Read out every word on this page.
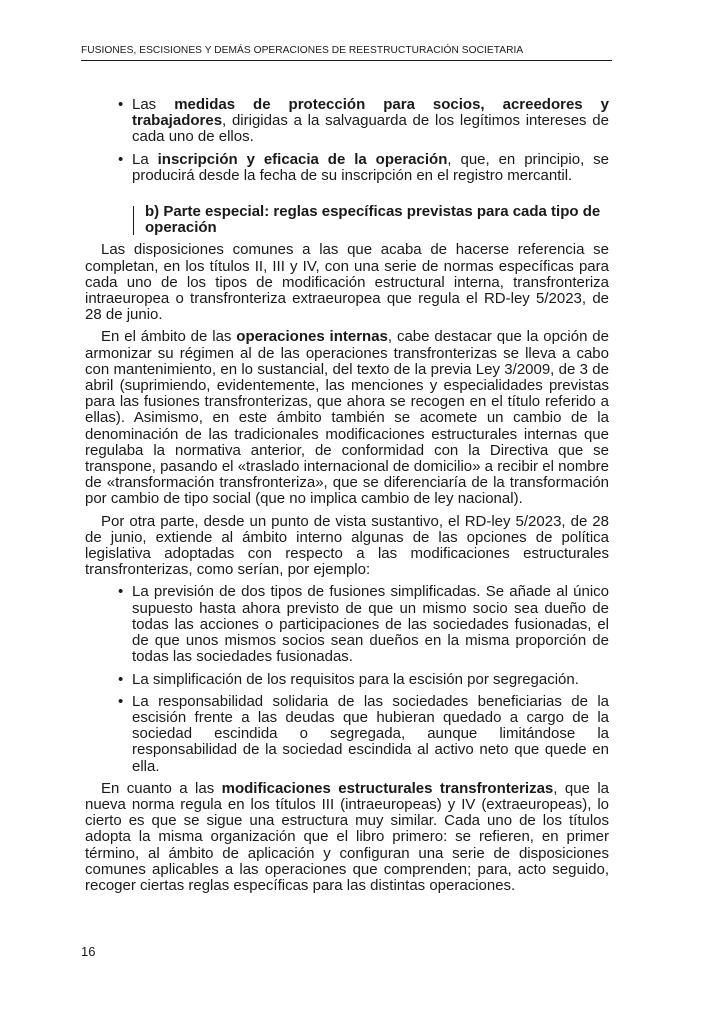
FUSIONES, ESCISIONES Y DEMÁS OPERACIONES DE REESTRUCTURACIÓN SOCIETARIA
• Las medidas de protección para socios, acreedores y trabajadores, dirigidas a la salvaguarda de los legítimos intereses de cada uno de ellos.
• La inscripción y eficacia de la operación, que, en principio, se producirá desde la fecha de su inscripción en el registro mercantil.
b) Parte especial: reglas específicas previstas para cada tipo de operación

Las disposiciones comunes a las que acaba de hacerse referencia se completan, en los títulos II, III y IV, con una serie de normas específicas para cada uno de los tipos de modificación estructural interna, transfronteriza intraeuropea o transfronteriza extraeuropea que regula el RD-ley 5/2023, de 28 de junio.

En el ámbito de las operaciones internas, cabe destacar que la opción de armonizar su régimen al de las operaciones transfronterizas se lleva a cabo con mantenimiento, en lo sustancial, del texto de la previa Ley 3/2009, de 3 de abril (suprimiendo, evidentemente, las menciones y especialidades previstas para las fusiones transfronterizas, que ahora se recogen en el título referido a ellas). Asimismo, en este ámbito también se acomete un cambio de la denominación de las tradicionales modificaciones estructurales internas que regulaba la normativa anterior, de conformidad con la Directiva que se transpone, pasando el «traslado internacional de domicilio» a recibir el nombre de «transformación transfronteriza», que se diferenciaría de la transformación por cambio de tipo social (que no implica cambio de ley nacional).

Por otra parte, desde un punto de vista sustantivo, el RD-ley 5/2023, de 28 de junio, extiende al ámbito interno algunas de las opciones de política legislativa adoptadas con respecto a las modificaciones estructurales transfronterizas, como serían, por ejemplo:

• La previsión de dos tipos de fusiones simplificadas. Se añade al único supuesto hasta ahora previsto de que un mismo socio sea dueño de todas las acciones o participaciones de las sociedades fusionadas, el de que unos mismos socios sean dueños en la misma proporción de todas las sociedades fusionadas.
• La simplificación de los requisitos para la escisión por segregación.
• La responsabilidad solidaria de las sociedades beneficiarias de la escisión frente a las deudas que hubieran quedado a cargo de la sociedad escindida o segregada, aunque limitándose la responsabilidad de la sociedad escindida al activo neto que quede en ella.

En cuanto a las modificaciones estructurales transfronterizas, que la nueva norma regula en los títulos III (intraeuropeas) y IV (extraeuropeas), lo cierto es que se sigue una estructura muy similar. Cada uno de los títulos adopta la misma organización que el libro primero: se refieren, en primer término, al ámbito de aplicación y configuran una serie de disposiciones comunes aplicables a las operaciones que comprenden; para, acto seguido, recoger ciertas reglas específicas para las distintas operaciones.

16
